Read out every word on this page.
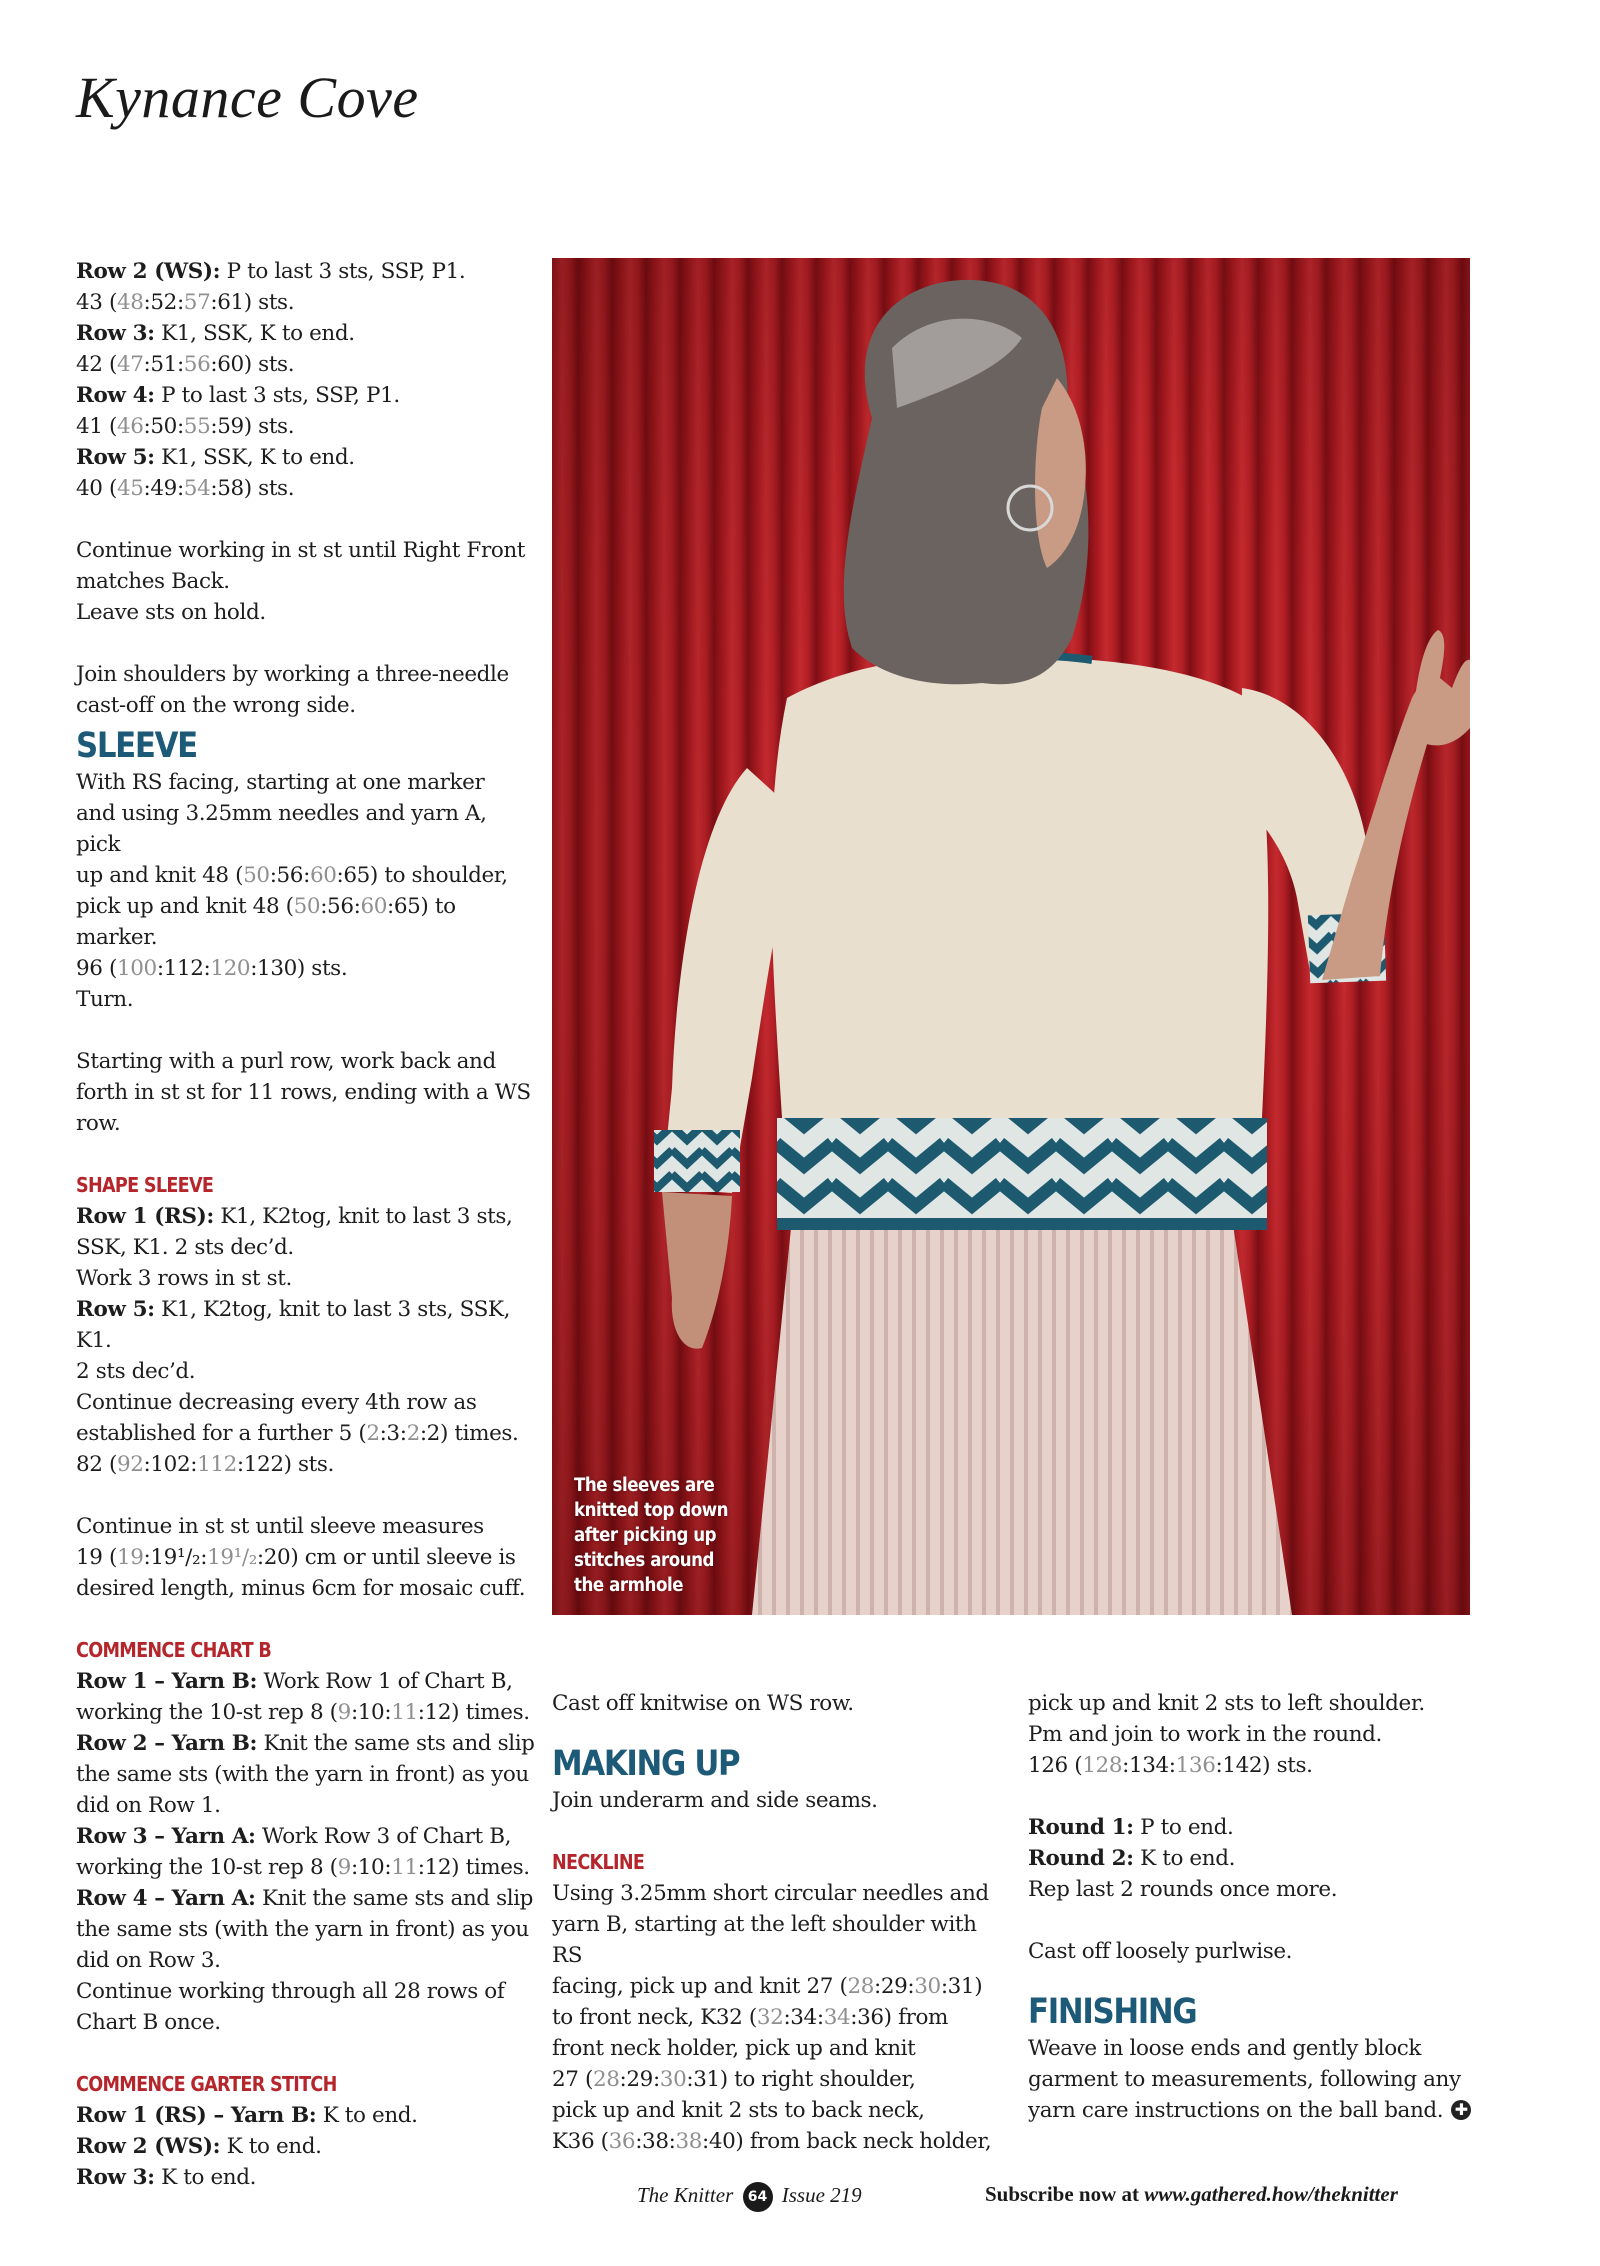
Kynance Cove

Row 2 (WS): P to last 3 sts, SSP, P1.

43 (48:52:57:61) sts.

Row 3: K1, SSK, K to end.

42 (47:51:56:60) sts.

Row 4: P to last 3 sts, SSP, P1.

41 (46:50:55:59) sts.

Row 5: K1, SSK, K to end.

40 (45:49:54:58) sts.

Continue working in st st until Right Front

matches Back.

Leave sts on hold.

Join shoulders by working a three-needle

cast-off on the wrong side.

SLEEVE

With RS facing, starting at one marker

and using 3.25mm needles and yarn A, pick

up and knit 48 (50:56:60:65) to shoulder,

pick up and knit 48 (50:56:60:65) to marker.

96 (100:112:120:130) sts.

Turn.

Starting with a purl row, work back and

forth in st st for 11 rows, ending with a WS

row.

SHAPE SLEEVE

Row 1 (RS): K1, K2tog, knit to last 3 sts,

SSK, K1. 2 sts dec’d.

Work 3 rows in st st.

Row 5: K1, K2tog, knit to last 3 sts, SSK, K1.

2 sts dec’d.

Continue decreasing every 4th row as

established for a further 5 (2:3:2:2) times.

82 (92:102:112:122) sts.

Continue in st st until sleeve measures

19 (19:19¹/₂:19¹/₂:20) cm or until sleeve is

desired length, minus 6cm for mosaic cuff.

COMMENCE CHART B

Row 1 – Yarn B: Work Row 1 of Chart B,

working the 10-st rep 8 (9:10:11:12) times.

Row 2 – Yarn B: Knit the same sts and slip

the same sts (with the yarn in front) as you

did on Row 1.

Row 3 – Yarn A: Work Row 3 of Chart B,

working the 10-st rep 8 (9:10:11:12) times.

Row 4 – Yarn A: Knit the same sts and slip

the same sts (with the yarn in front) as you

did on Row 3.

Continue working through all 28 rows of

Chart B once.

COMMENCE GARTER STITCH

Row 1 (RS) – Yarn B: K to end.

Row 2 (WS): K to end.

Row 3: K to end.

The sleeves are knitted top down after picking up stitches around the armhole

Cast off knitwise on WS row.

MAKING UP

Join underarm and side seams.

NECKLINE

Using 3.25mm short circular needles and

yarn B, starting at the left shoulder with RS

facing, pick up and knit 27 (28:29:30:31)

to front neck, K32 (32:34:34:36) from

front neck holder, pick up and knit

27 (28:29:30:31) to right shoulder,

pick up and knit 2 sts to back neck,

K36 (36:38:38:40) from back neck holder,

pick up and knit 2 sts to left shoulder.

Pm and join to work in the round.

126 (128:134:136:142) sts.

Round 1: P to end.

Round 2: K to end.

Rep last 2 rounds once more.

Cast off loosely purlwise.

FINISHING

Weave in loose ends and gently block

garment to measurements, following any

yarn care instructions on the ball band. ✚

The Knitter 64 Issue 219	Subscribe now at www.gathered.how/theknitter
